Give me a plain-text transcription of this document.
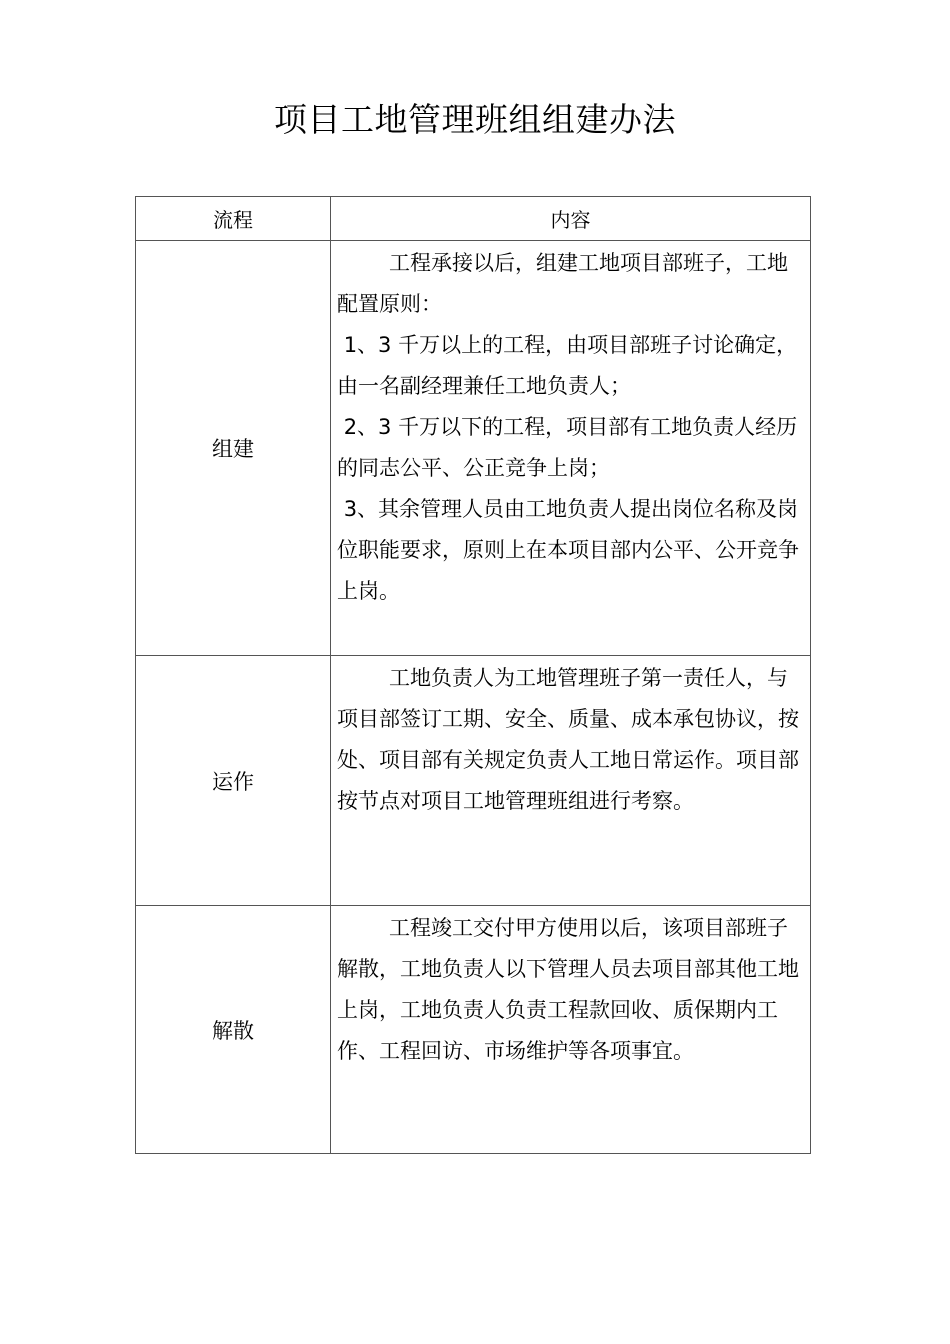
项目工地管理班组组建办法
流程	内容
组建	工程承接以后，组建工地项目部班子，工地配置原则：

1、3 千万以上的工程，由项目部班子讨论确定，由一名副经理兼任工地负责人；

2、3 千万以下的工程，项目部有工地负责人经历的同志公平、公正竞争上岗；

3、其余管理人员由工地负责人提出岗位名称及岗位职能要求，原则上在本项目部内公平、公开竞争上岗。

运作	工地负责人为工地管理班子第一责任人，与项目部签订工期、安全、质量、成本承包协议，按处、项目部有关规定负责人工地日常运作。项目部按节点对项目工地管理班组进行考察。

解散	工程竣工交付甲方使用以后，该项目部班子解散，工地负责人以下管理人员去项目部其他工地上岗，工地负责人负责工程款回收、质保期内工作、工程回访、市场维护等各项事宜。
